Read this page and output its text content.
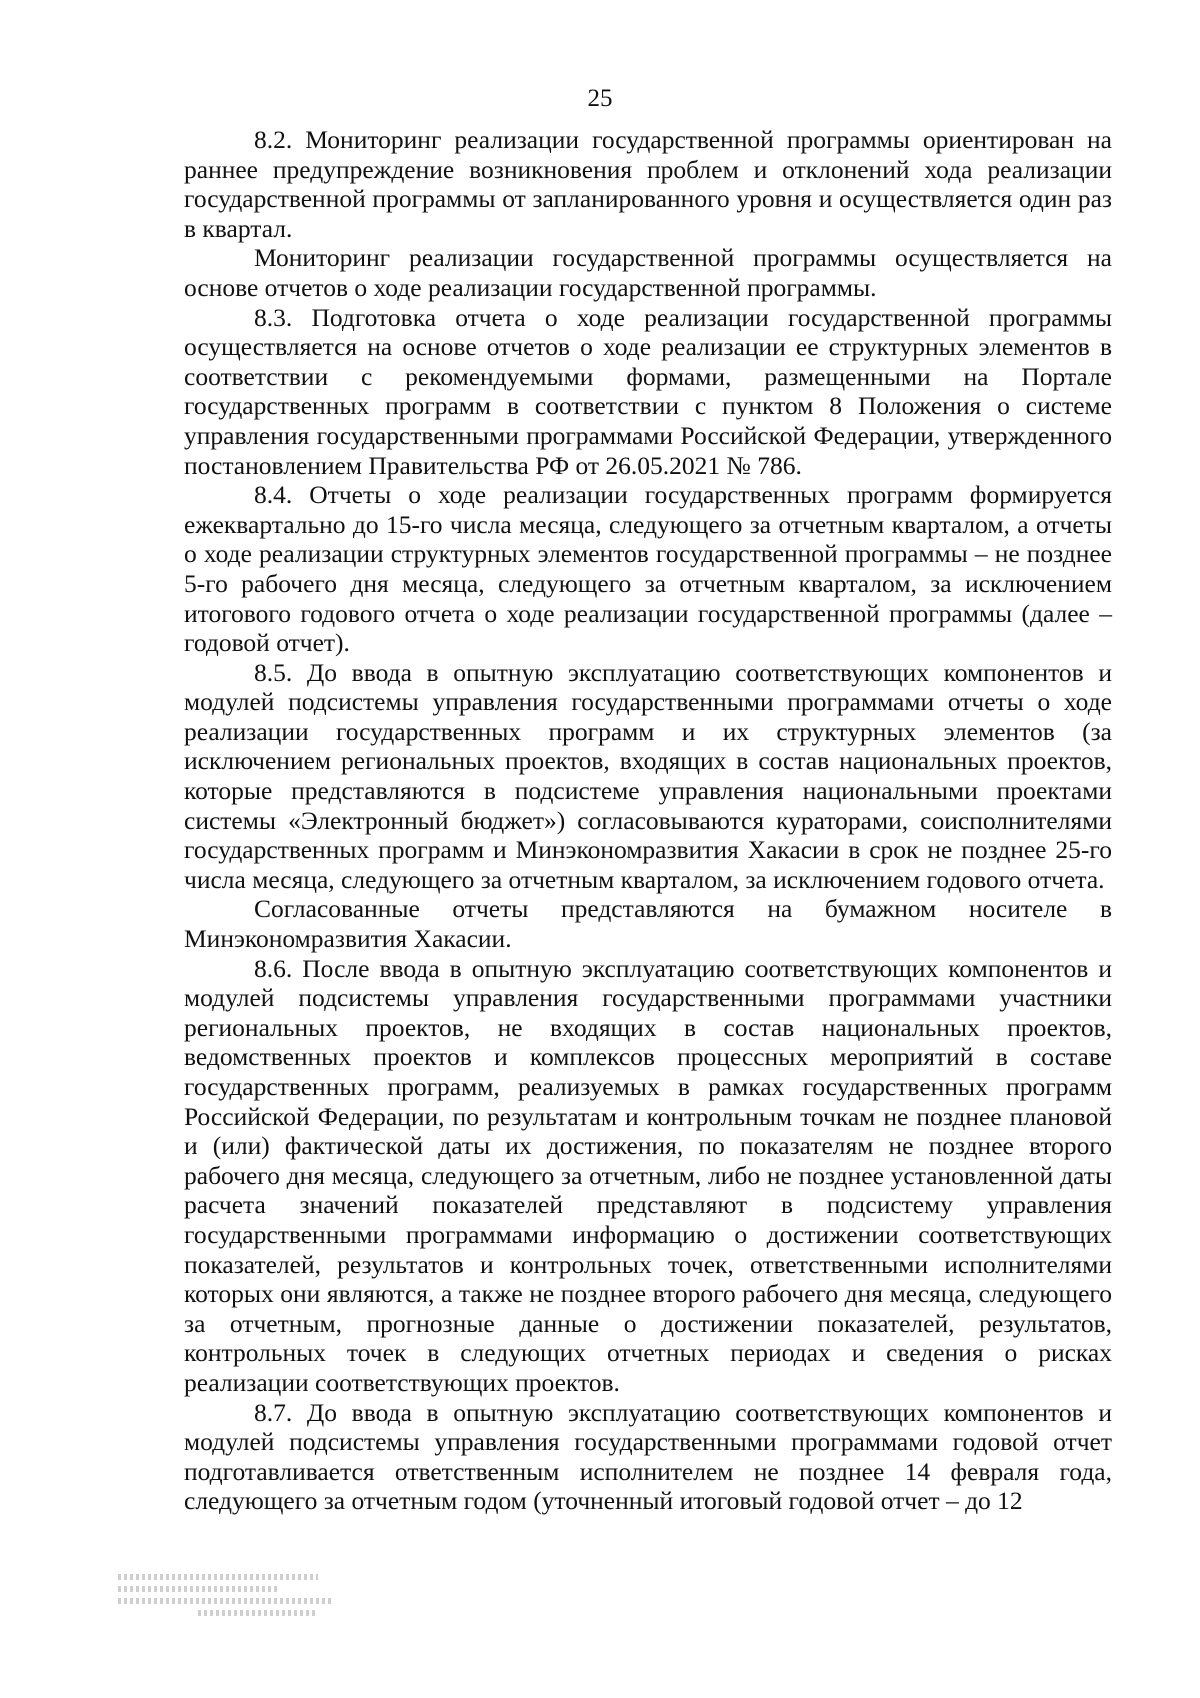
25

8.2. Мониторинг реализации государственной программы ориентирован на раннее предупреждение возникновения проблем и отклонений хода реализации государственной программы от запланированного уровня и осуществляется один раз в квартал.

Мониторинг реализации государственной программы осуществляется на основе отчетов о ходе реализации государственной программы.

8.3. Подготовка отчета о ходе реализации государственной программы осуществляется на основе отчетов о ходе реализации ее структурных элементов в соответствии с рекомендуемыми формами, размещенными на Портале государственных программ в соответствии с пунктом 8 Положения о системе управления государственными программами Российской Федерации, утвержденного постановлением Правительства РФ от 26.05.2021 № 786.

8.4. Отчеты о ходе реализации государственных программ формируется ежеквартально до 15-го числа месяца, следующего за отчетным кварталом, а отчеты о ходе реализации структурных элементов государственной программы – не позднее 5-го рабочего дня месяца, следующего за отчетным кварталом, за исключением итогового годового отчета о ходе реализации государственной программы (далее – годовой отчет).

8.5. До ввода в опытную эксплуатацию соответствующих компонентов и модулей подсистемы управления государственными программами отчеты о ходе реализации государственных программ и их структурных элементов (за исключением региональных проектов, входящих в состав национальных проектов, которые представляются в подсистеме управления национальными проектами системы «Электронный бюджет») согласовываются кураторами, соисполнителями государственных программ и Минэкономразвития Хакасии в срок не позднее 25-го числа месяца, следующего за отчетным кварталом, за исключением годового отчета.

Согласованные отчеты представляются на бумажном носителе в Минэкономразвития Хакасии.

8.6. После ввода в опытную эксплуатацию соответствующих компонентов и модулей подсистемы управления государственными программами участники региональных проектов, не входящих в состав национальных проектов, ведомственных проектов и комплексов процессных мероприятий в составе государственных программ, реализуемых в рамках государственных программ Российской Федерации, по результатам и контрольным точкам не позднее плановой и (или) фактической даты их достижения, по показателям не позднее второго рабочего дня месяца, следующего за отчетным, либо не позднее установленной даты расчета значений показателей представляют в подсистему управления государственными программами информацию о достижении соответствующих показателей, результатов и контрольных точек, ответственными исполнителями которых они являются, а также не позднее второго рабочего дня месяца, следующего за отчетным, прогнозные данные о достижении показателей, результатов, контрольных точек в следующих отчетных периодах и сведения о рисках реализации соответствующих проектов.

8.7. До ввода в опытную эксплуатацию соответствующих компонентов и модулей подсистемы управления государственными программами годовой отчет подготавливается ответственным исполнителем не позднее 14 февраля года, следующего за отчетным годом (уточненный итоговый годовой отчет – до 12
